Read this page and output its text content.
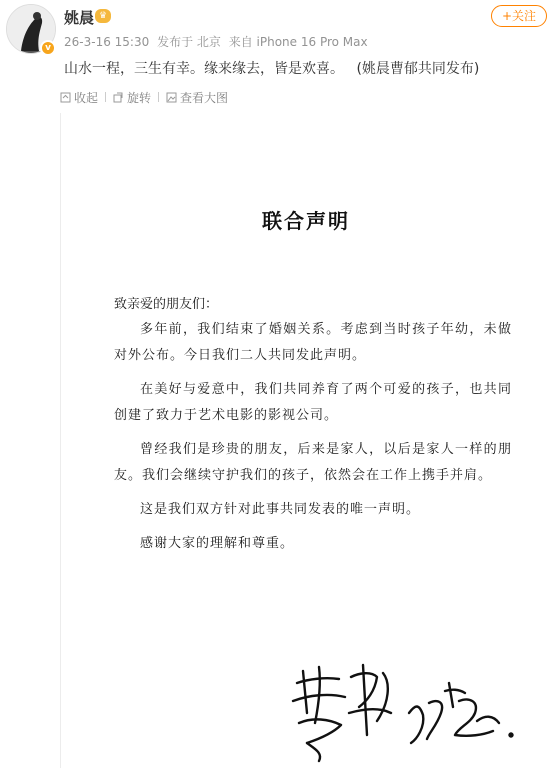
v
姚晨 ♛
26-3-16 15:30 发布于 北京 来自 iPhone 16 Pro Max
+关注
山水一程，三生有幸。缘来缘去，皆是欢喜。 (姚晨曹郁共同发布)
收起 旋转 查看大图
联合声明
致亲爱的朋友们：

多年前，我们结束了婚姻关系。考虑到当时孩子年幼，未做对外公布。今日我们二人共同发此声明。

在美好与爱意中，我们共同养育了两个可爱的孩子，也共同创建了致力于艺术电影的影视公司。

曾经我们是珍贵的朋友，后来是家人，以后是家人一样的朋友。我们会继续守护我们的孩子，依然会在工作上携手并肩。

这是我们双方针对此事共同发表的唯一声明。

感谢大家的理解和尊重。
